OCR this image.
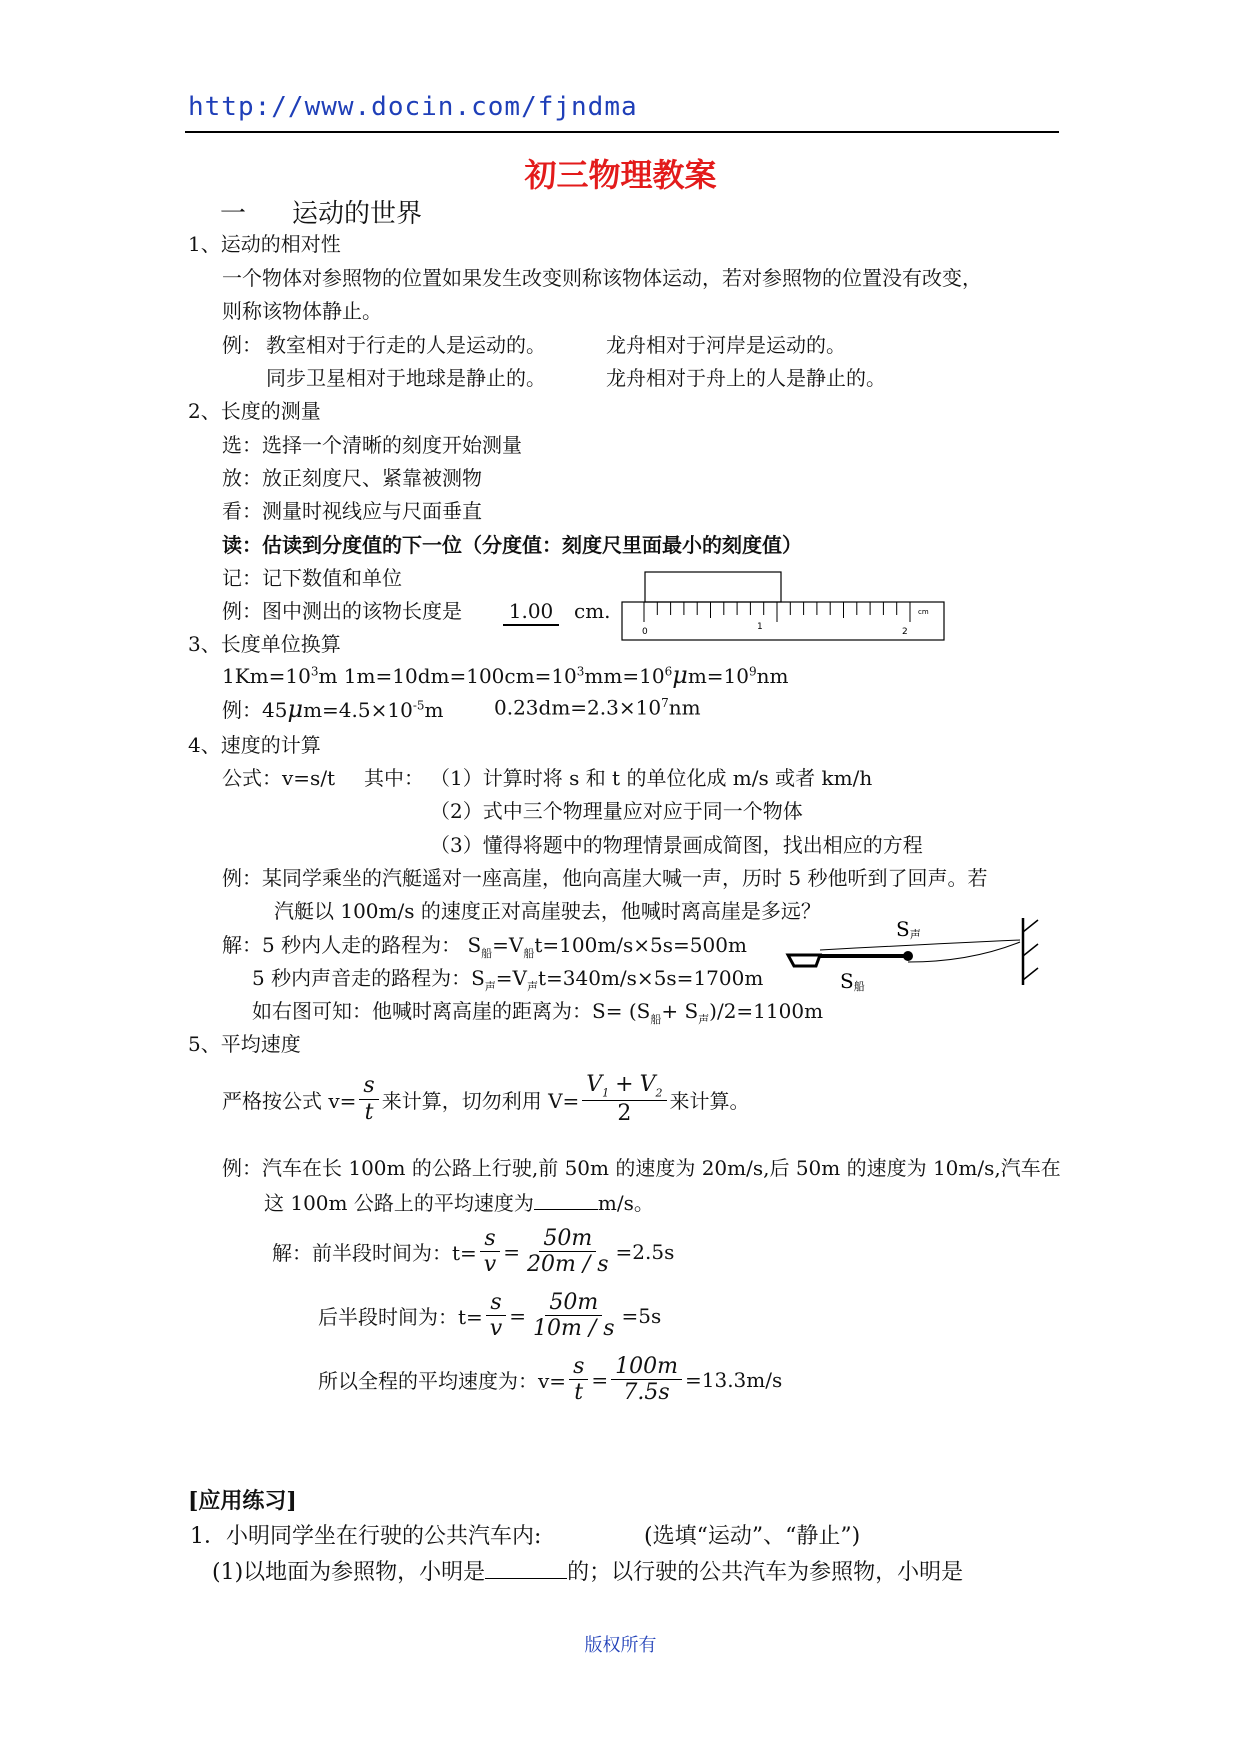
http://www.docin.com/fjndma
初三物理教案
一 运动的世界
1、运动的相对性
一个物体对参照物的位置如果发生改变则称该物体运动，若对参照物的位置没有改变，
则称该物体静止。
例： 教室相对于行走的人是运动的。	龙舟相对于河岸是运动的。
同步卫星相对于地球是静止的。	龙舟相对于舟上的人是静止的。
2、长度的测量
选：选择一个清晰的刻度开始测量
放：放正刻度尺、紧靠被测物
看：测量时视线应与尺面垂直
读：估读到分度值的下一位（分度值：刻度尺里面最小的刻度值）
记：记下数值和单位
例：图中测出的该物长度是 1.00 cm.
0	1	2
cm
3、长度单位换算
$1Km=10^3m$ $1m=10dm=100cm=10^3mm=10^6\mu m=10^9nm$
例：$45\mu m=4.5\times 10^{-5}m$	$0.23dm=2.3\times 10^7nm$
4、速度的计算
公式：v=s/t 其中： （1）计算时将 s 和 t 的单位化成 m/s 或者 km/h
（2）式中三个物理量应对应于同一个物体
（3）懂得将题中的物理情景画成简图，找出相应的方程
例：某同学乘坐的汽艇遥对一座高崖，他向高崖大喊一声，历时 5 秒他听到了回声。若
汽艇以 100m/s 的速度正对高崖驶去，他喊时离高崖是多远？
解：5 秒内人走的路程为： $S_船=V_船t=100m/s\times 5s=500m$
5 秒内声音走的路程为：$S_声=V_声t=340m/s\times 5s=1700m$
如右图可知：他喊时离高崖的距离为：$S= (S_船+ S_声)/2=1100m$
S声
S船
5、平均速度
严格按公式 $v= \frac{s}{t}$ 来计算，切勿利用 $V= \frac{V_1 + V_2}{2}$ 来计算。
例：汽车在长 100m 的公路上行驶,前 50m 的速度为 20m/s,后 50m 的速度为 10m/s,汽车在
这 100m 公路上的平均速度为	m/s。
解：前半段时间为：$t= \frac{s}{v} = \frac{50m}{20m / s} =2.5s$
后半段时间为：$t= \frac{s}{v} = \frac{50m}{10m / s} =5s$
所以全程的平均速度为：$v= \frac{s}{t} = \frac{100m}{7.5s} =13.3m/s$
[应用练习]
1．小明同学坐在行驶的公共汽车内:	(选填“运动”、“静止”)
(1)以地面为参照物，小明是	的；以行驶的公共汽车为参照物，小明是
版权所有
